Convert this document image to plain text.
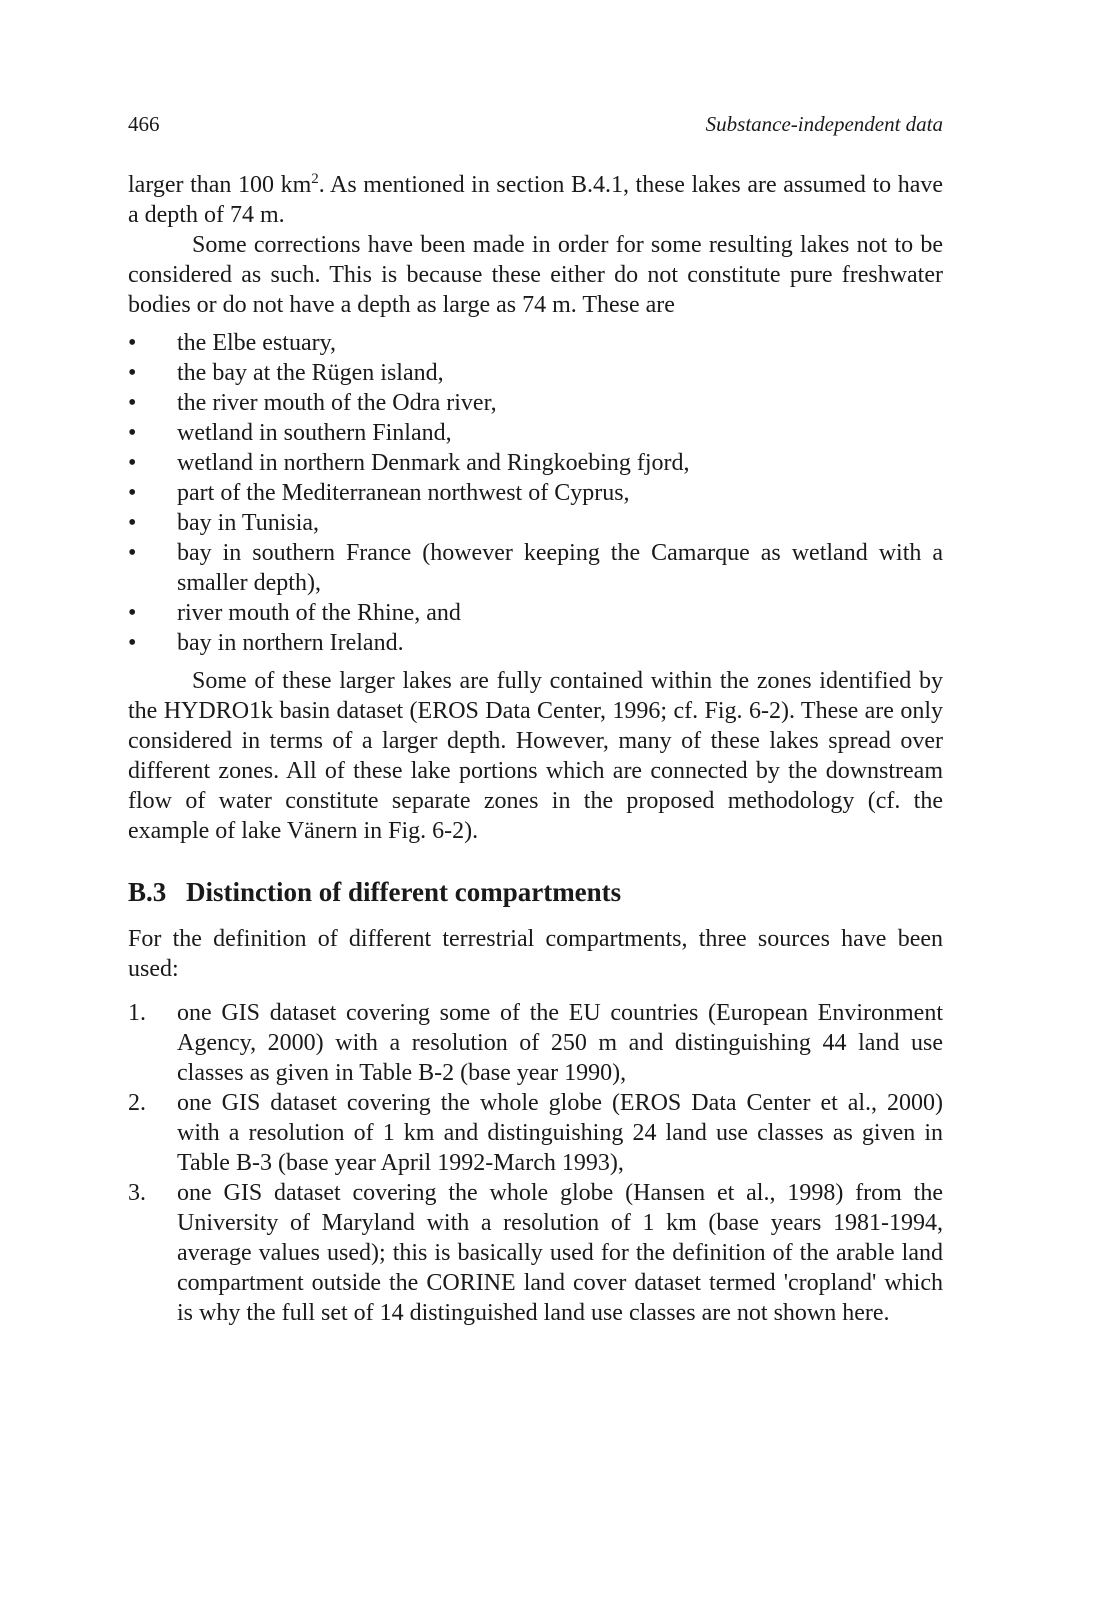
466	Substance-independent data

larger than 100 $km^2$. As mentioned in section B.4.1, these lakes are assumed to have a depth of 74 m.

Some corrections have been made in order for some resulting lakes not to be considered as such. This is because these either do not constitute pure freshwater bodies or do not have a depth as large as 74 m. These are

•	the Elbe estuary,
•	the bay at the Rügen island,
•	the river mouth of the Odra river,
•	wetland in southern Finland,
•	wetland in northern Denmark and Ringkoebing fjord,
•	part of the Mediterranean northwest of Cyprus,
•	bay in Tunisia,
•	bay in southern France (however keeping the Camarque as wetland with a smaller depth),
•	river mouth of the Rhine, and
•	bay in northern Ireland.

Some of these larger lakes are fully contained within the zones identified by the HYDRO1k basin dataset (EROS Data Center, 1996; cf. Fig. 6-2). These are only considered in terms of a larger depth. However, many of these lakes spread over different zones. All of these lake portions which are connected by the downstream flow of water constitute separate zones in the proposed methodology (cf. the example of lake Vänern in Fig. 6-2).

B.3 Distinction of different compartments

For the definition of different terrestrial compartments, three sources have been used:

1. one GIS dataset covering some of the EU countries (European Environment Agency, 2000) with a resolution of 250 m and distinguishing 44 land use classes as given in Table B-2 (base year 1990),
2. one GIS dataset covering the whole globe (EROS Data Center et al., 2000) with a resolution of 1 km and distinguishing 24 land use classes as given in Table B-3 (base year April 1992-March 1993),
3. one GIS dataset covering the whole globe (Hansen et al., 1998) from the University of Maryland with a resolution of 1 km (base years 1981-1994, average values used); this is basically used for the definition of the arable land compartment outside the CORINE land cover dataset termed 'cropland' which is why the full set of 14 distinguished land use classes are not shown here.
